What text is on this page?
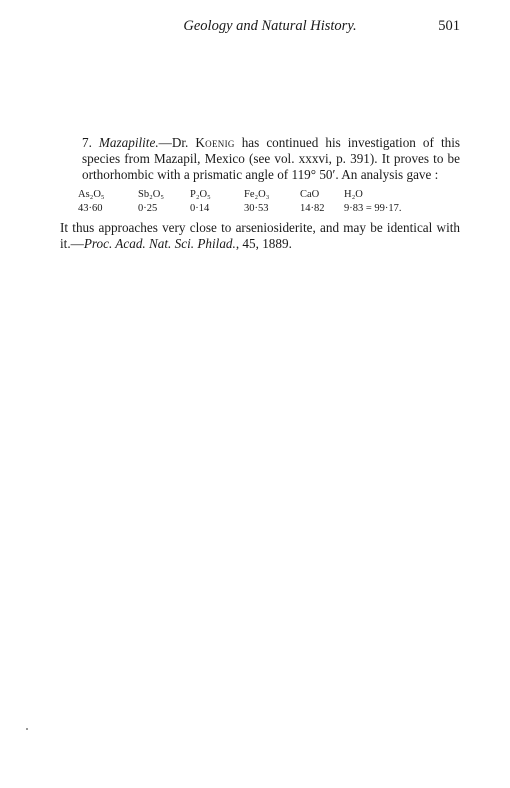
Geology and Natural History.	501

7. Mazapilite.—Dr. Koenig has continued his investigation of this species from Mazapil, Mexico (see vol. xxxvi, p. 391). It proves to be orthorhombic with a prismatic angle of 119° 50′. An analysis gave :

As₂O₅	Sb₂O₅	P₂O₅	Fe₂O₃	CaO	H₂O
43·60	0·25	0·14	30·53	14·82	9·83 = 99·17.

It thus approaches very close to arseniosiderite, and may be identical with it.—Proc. Acad. Nat. Sci. Philad., 45, 1889.
